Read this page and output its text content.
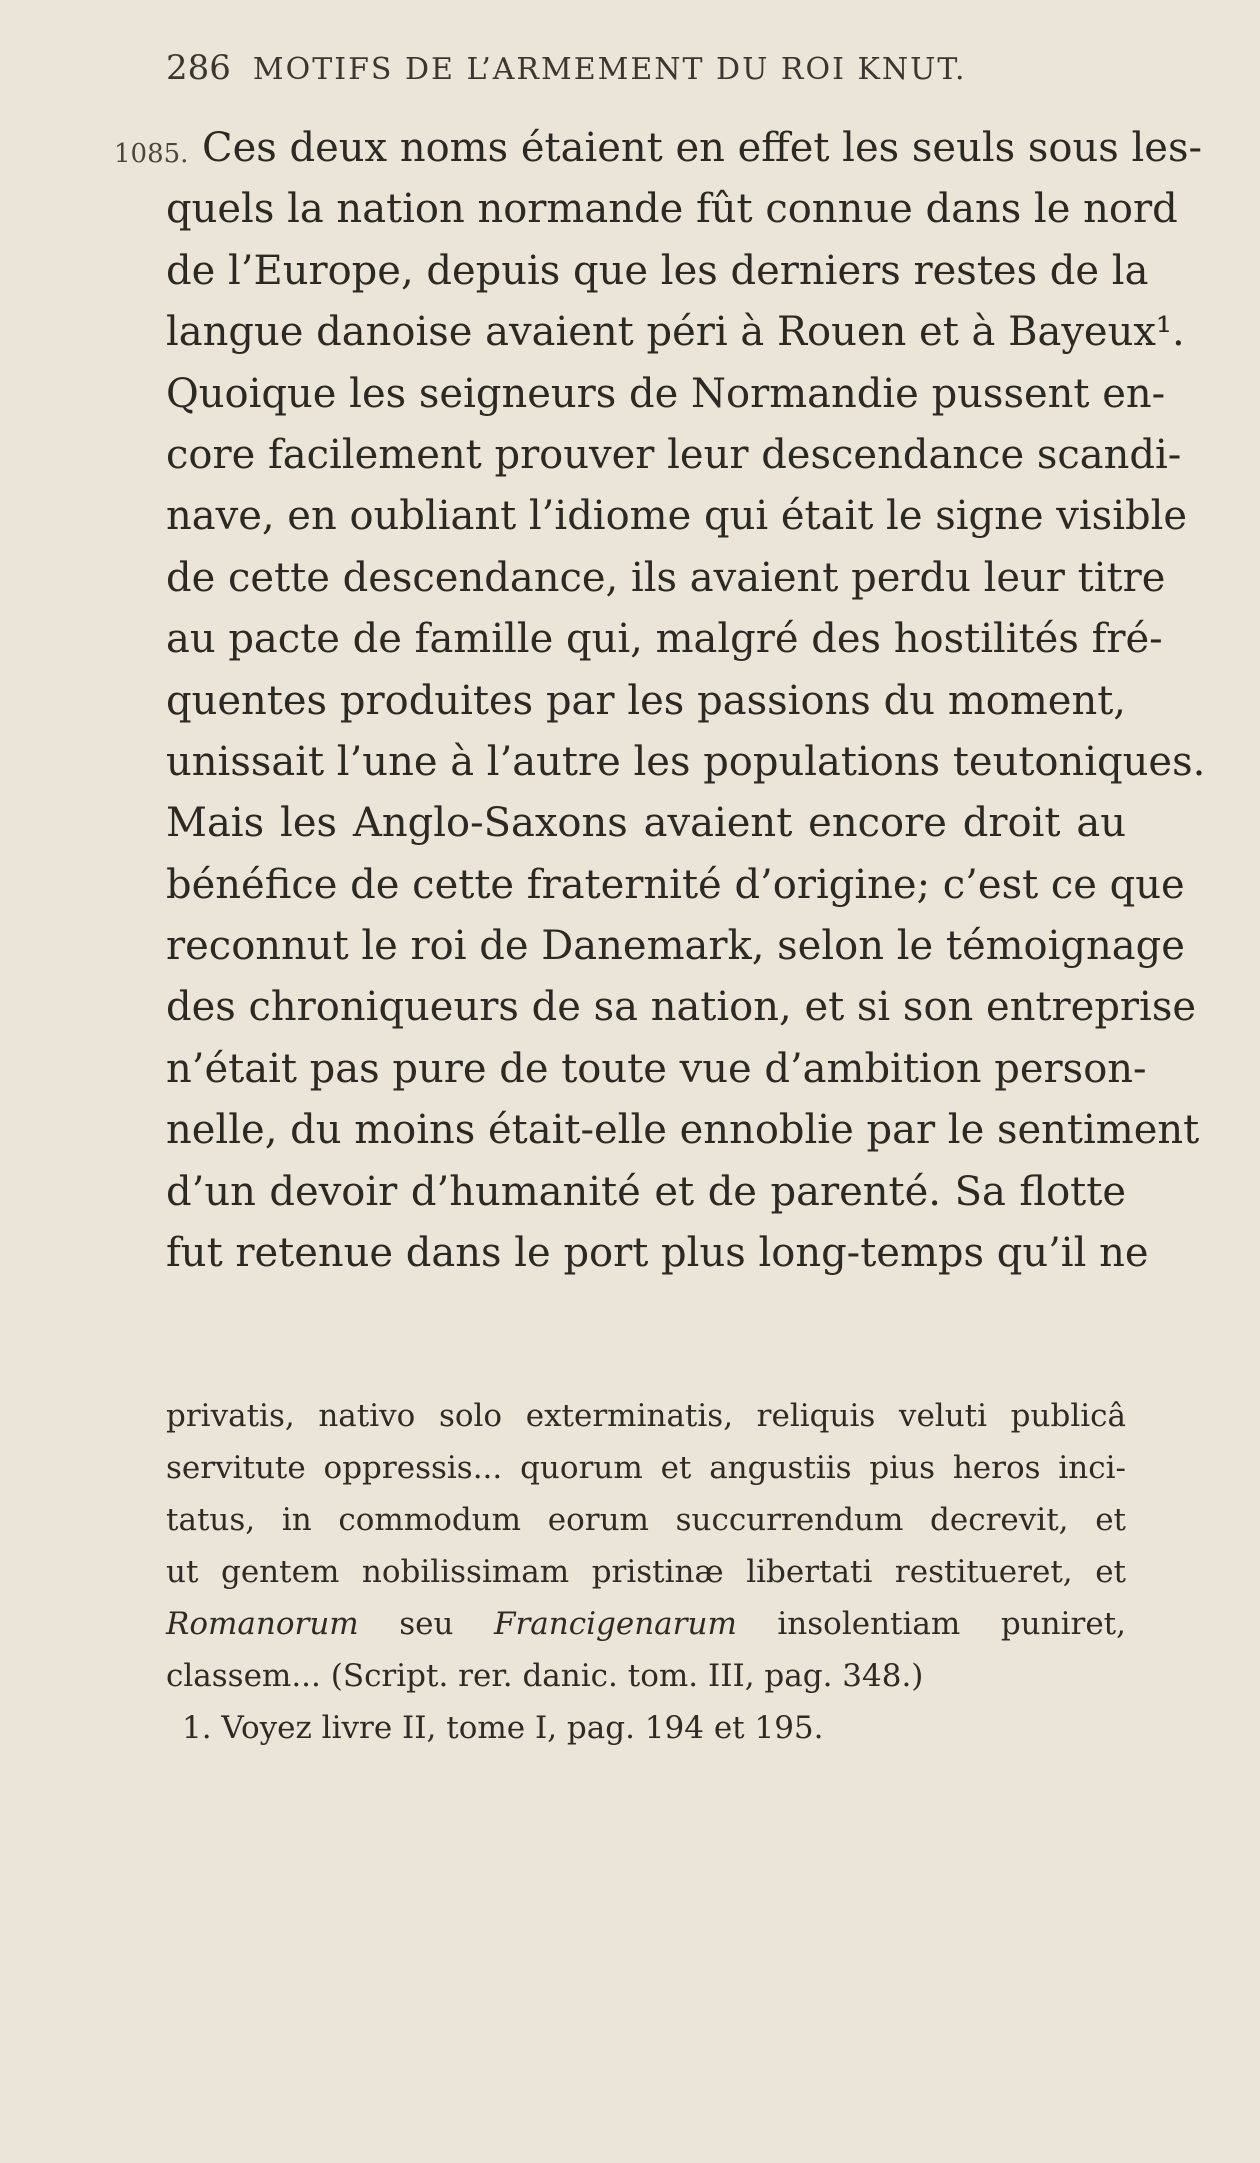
286 MOTIFS DE L’ARMEMENT DU ROI KNUT.
1085. Ces deux noms étaient en effet les seuls sous les-
quels la nation normande fût connue dans le nord
de l’Europe, depuis que les derniers restes de la
langue danoise avaient péri à Rouen et à Bayeux¹.
Quoique les seigneurs de Normandie pussent en-
core facilement prouver leur descendance scandi-
nave, en oubliant l’idiome qui était le signe visible
de cette descendance, ils avaient perdu leur titre
au pacte de famille qui, malgré des hostilités fré-
quentes produites par les passions du moment,
unissait l’une à l’autre les populations teutoniques.
Mais les Anglo-Saxons avaient encore droit au
bénéfice de cette fraternité d’origine; c’est ce que
reconnut le roi de Danemark, selon le témoignage
des chroniqueurs de sa nation, et si son entreprise
n’était pas pure de toute vue d’ambition person-
nelle, du moins était-elle ennoblie par le sentiment
d’un devoir d’humanité et de parenté. Sa flotte
fut retenue dans le port plus long-temps qu’il ne
privatis, nativo solo exterminatis, reliquis veluti publicâ
servitute oppressis... quorum et angustiis pius heros inci-
tatus, in commodum eorum succurrendum decrevit, et
ut gentem nobilissimam pristinæ libertati restitueret, et
Romanorum seu Francigenarum insolentiam puniret,
classem... (Script. rer. danic. tom. III, pag. 348.)
1. Voyez livre II, tome I, pag. 194 et 195.
